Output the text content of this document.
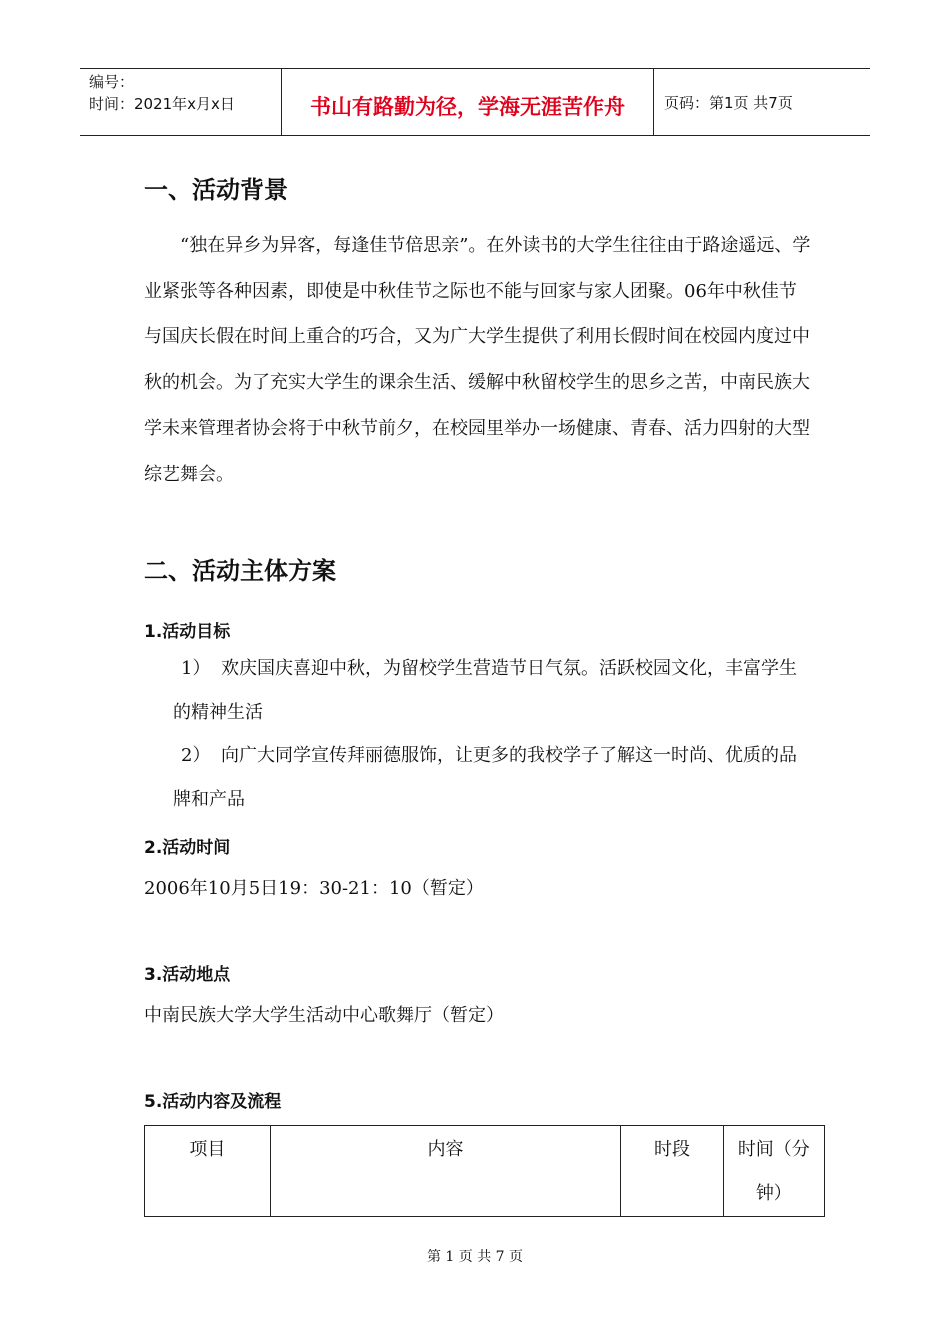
编号：
时间：2021年x月x日	书山有路勤为径，学海无涯苦作舟	页码：第1页 共7页
一、活动背景

“独在异乡为异客，每逢佳节倍思亲”。在外读书的大学生往往由于路途遥远、学业紧张等各种因素，即使是中秋佳节之际也不能与回家与家人团聚。06年中秋佳节与国庆长假在时间上重合的巧合，又为广大学生提供了利用长假时间在校园内度过中秋的机会。为了充实大学生的课余生活、缓解中秋留校学生的思乡之苦，中南民族大学未来管理者协会将于中秋节前夕，在校园里举办一场健康、青春、活力四射的大型综艺舞会。

二、活动主体方案
1.活动目标

1） 欢庆国庆喜迎中秋，为留校学生营造节日气氛。活跃校园文化，丰富学生的精神生活

2） 向广大同学宣传拜丽德服饰，让更多的我校学子了解这一时尚、优质的品牌和产品

2.活动时间

2006年10月5日19：30-21：10（暂定）

3.活动地点

中南民族大学大学生活动中心歌舞厅（暂定）

5.活动内容及流程
项目	内容	时段	时间（分钟）
第 1 页 共 7 页
